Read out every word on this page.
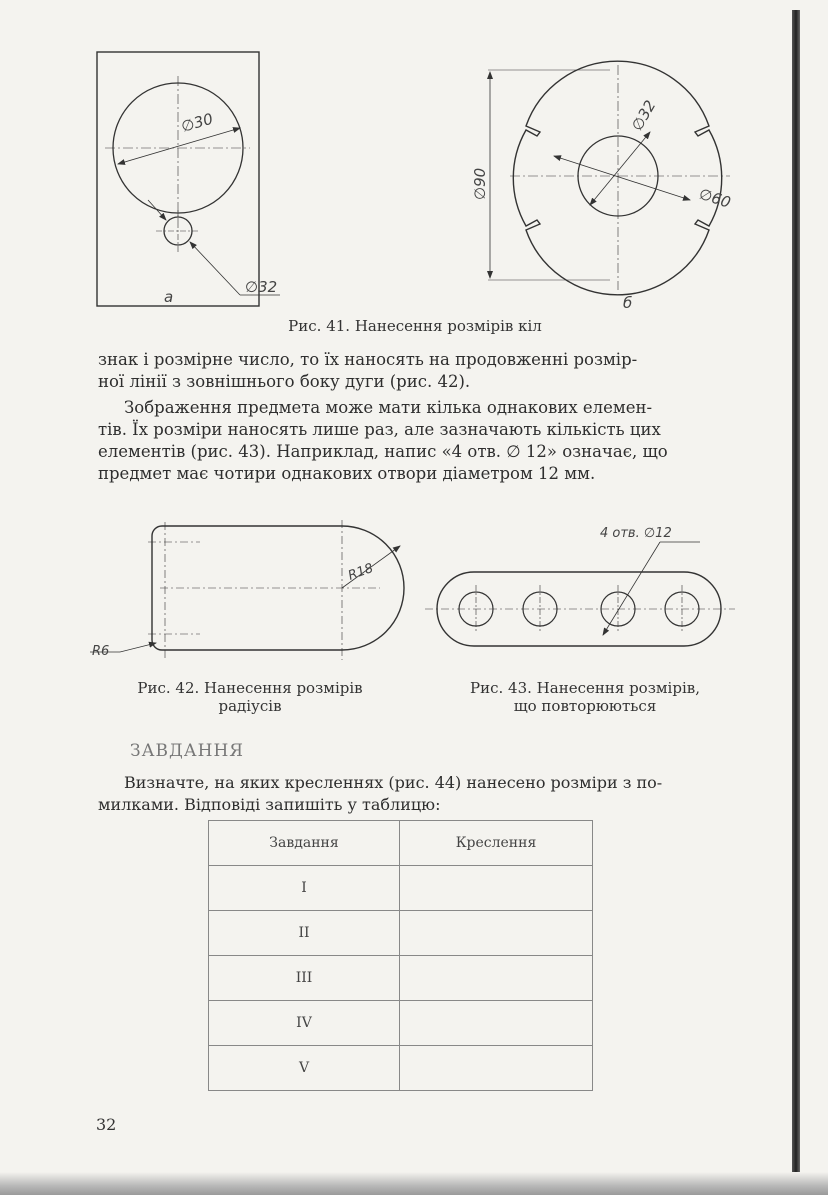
∅30
∅32
а
∅90
∅32
∅60
б
Рис. 41. Нанесення розмірів кіл
знак і розмірне число, то їх наносять на продовженні розмір-
ної лінії з зовнішнього боку дуги (рис. 42).
Зображення предмета може мати кілька однакових елемен-
тів. Їх розміри наносять лише раз, але зазначають кількість цих
елементів (рис. 43). Наприклад, напис «4 отв. ∅ 12» означає, що
предмет має чотири однакових отвори діаметром 12 мм.
R18
R6
4 отв. ∅12
Рис. 42. Нанесення розмірів
радіусів
Рис. 43. Нанесення розмірів,
що повторюються
ЗАВДАННЯ
Визначте, на яких кресленнях (рис. 44) нанесено розміри з по-
милками. Відповіді запишіть у таблицю:
Завдання	Креслення
I	
II	
III	
IV	
V	
32
